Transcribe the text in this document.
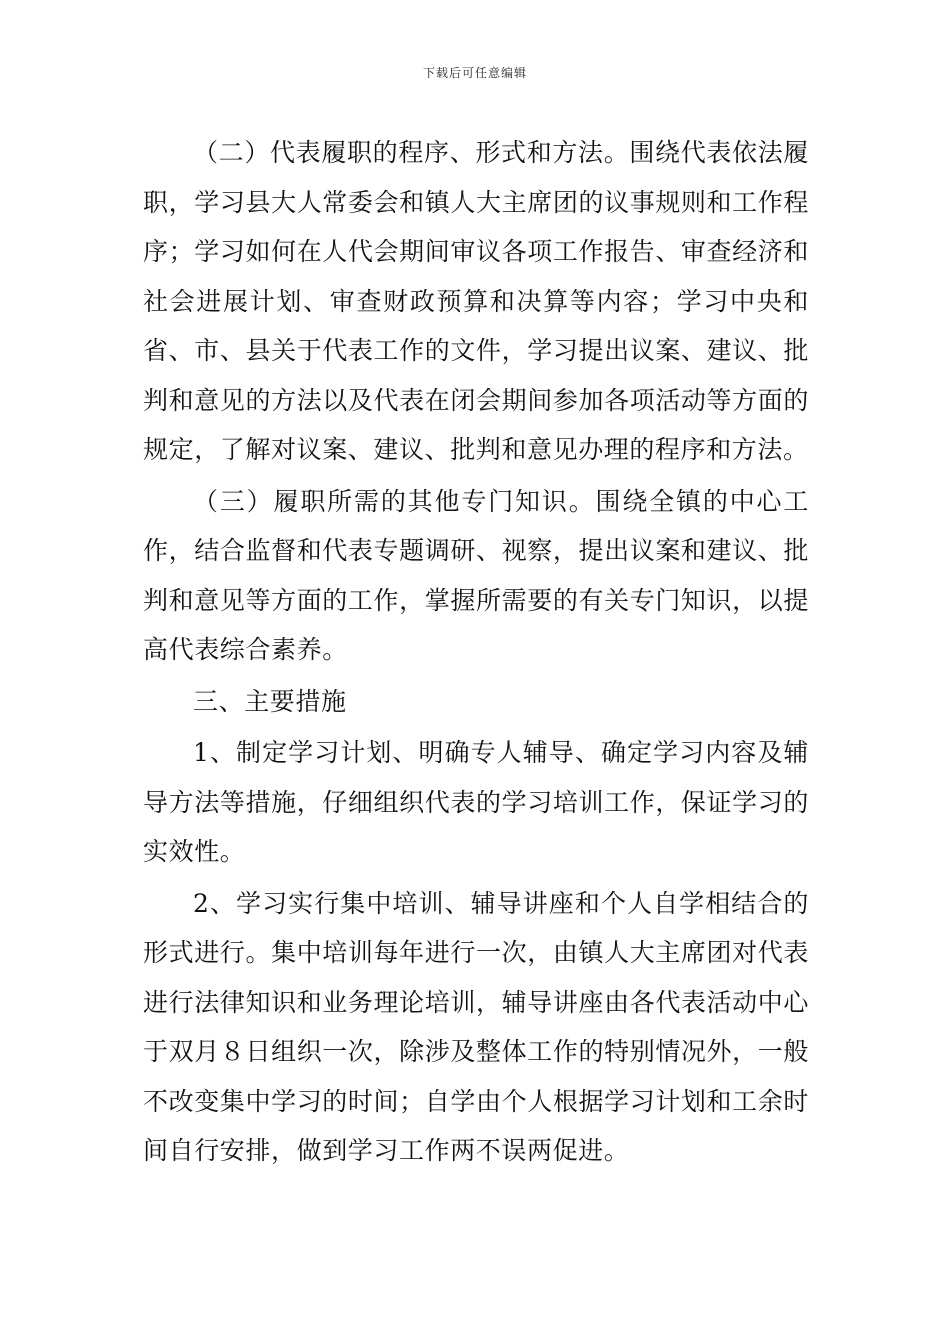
下载后可任意编辑

（二）代表履职的程序、形式和方法。围绕代表依法履职，学习县大人常委会和镇人大主席团的议事规则和工作程序；学习如何在人代会期间审议各项工作报告、审查经济和社会进展计划、审查财政预算和决算等内容；学习中央和省、市、县关于代表工作的文件，学习提出议案、建议、批判和意见的方法以及代表在闭会期间参加各项活动等方面的规定，了解对议案、建议、批判和意见办理的程序和方法。

（三）履职所需的其他专门知识。围绕全镇的中心工作，结合监督和代表专题调研、视察，提出议案和建议、批判和意见等方面的工作，掌握所需要的有关专门知识，以提高代表综合素养。

三、主要措施

1、制定学习计划、明确专人辅导、确定学习内容及辅导方法等措施，仔细组织代表的学习培训工作，保证学习的实效性。

2、学习实行集中培训、辅导讲座和个人自学相结合的形式进行。集中培训每年进行一次，由镇人大主席团对代表进行法律知识和业务理论培训，辅导讲座由各代表活动中心于双月８日组织一次，除涉及整体工作的特别情况外，一般不改变集中学习的时间；自学由个人根据学习计划和工余时间自行安排，做到学习工作两不误两促进。
